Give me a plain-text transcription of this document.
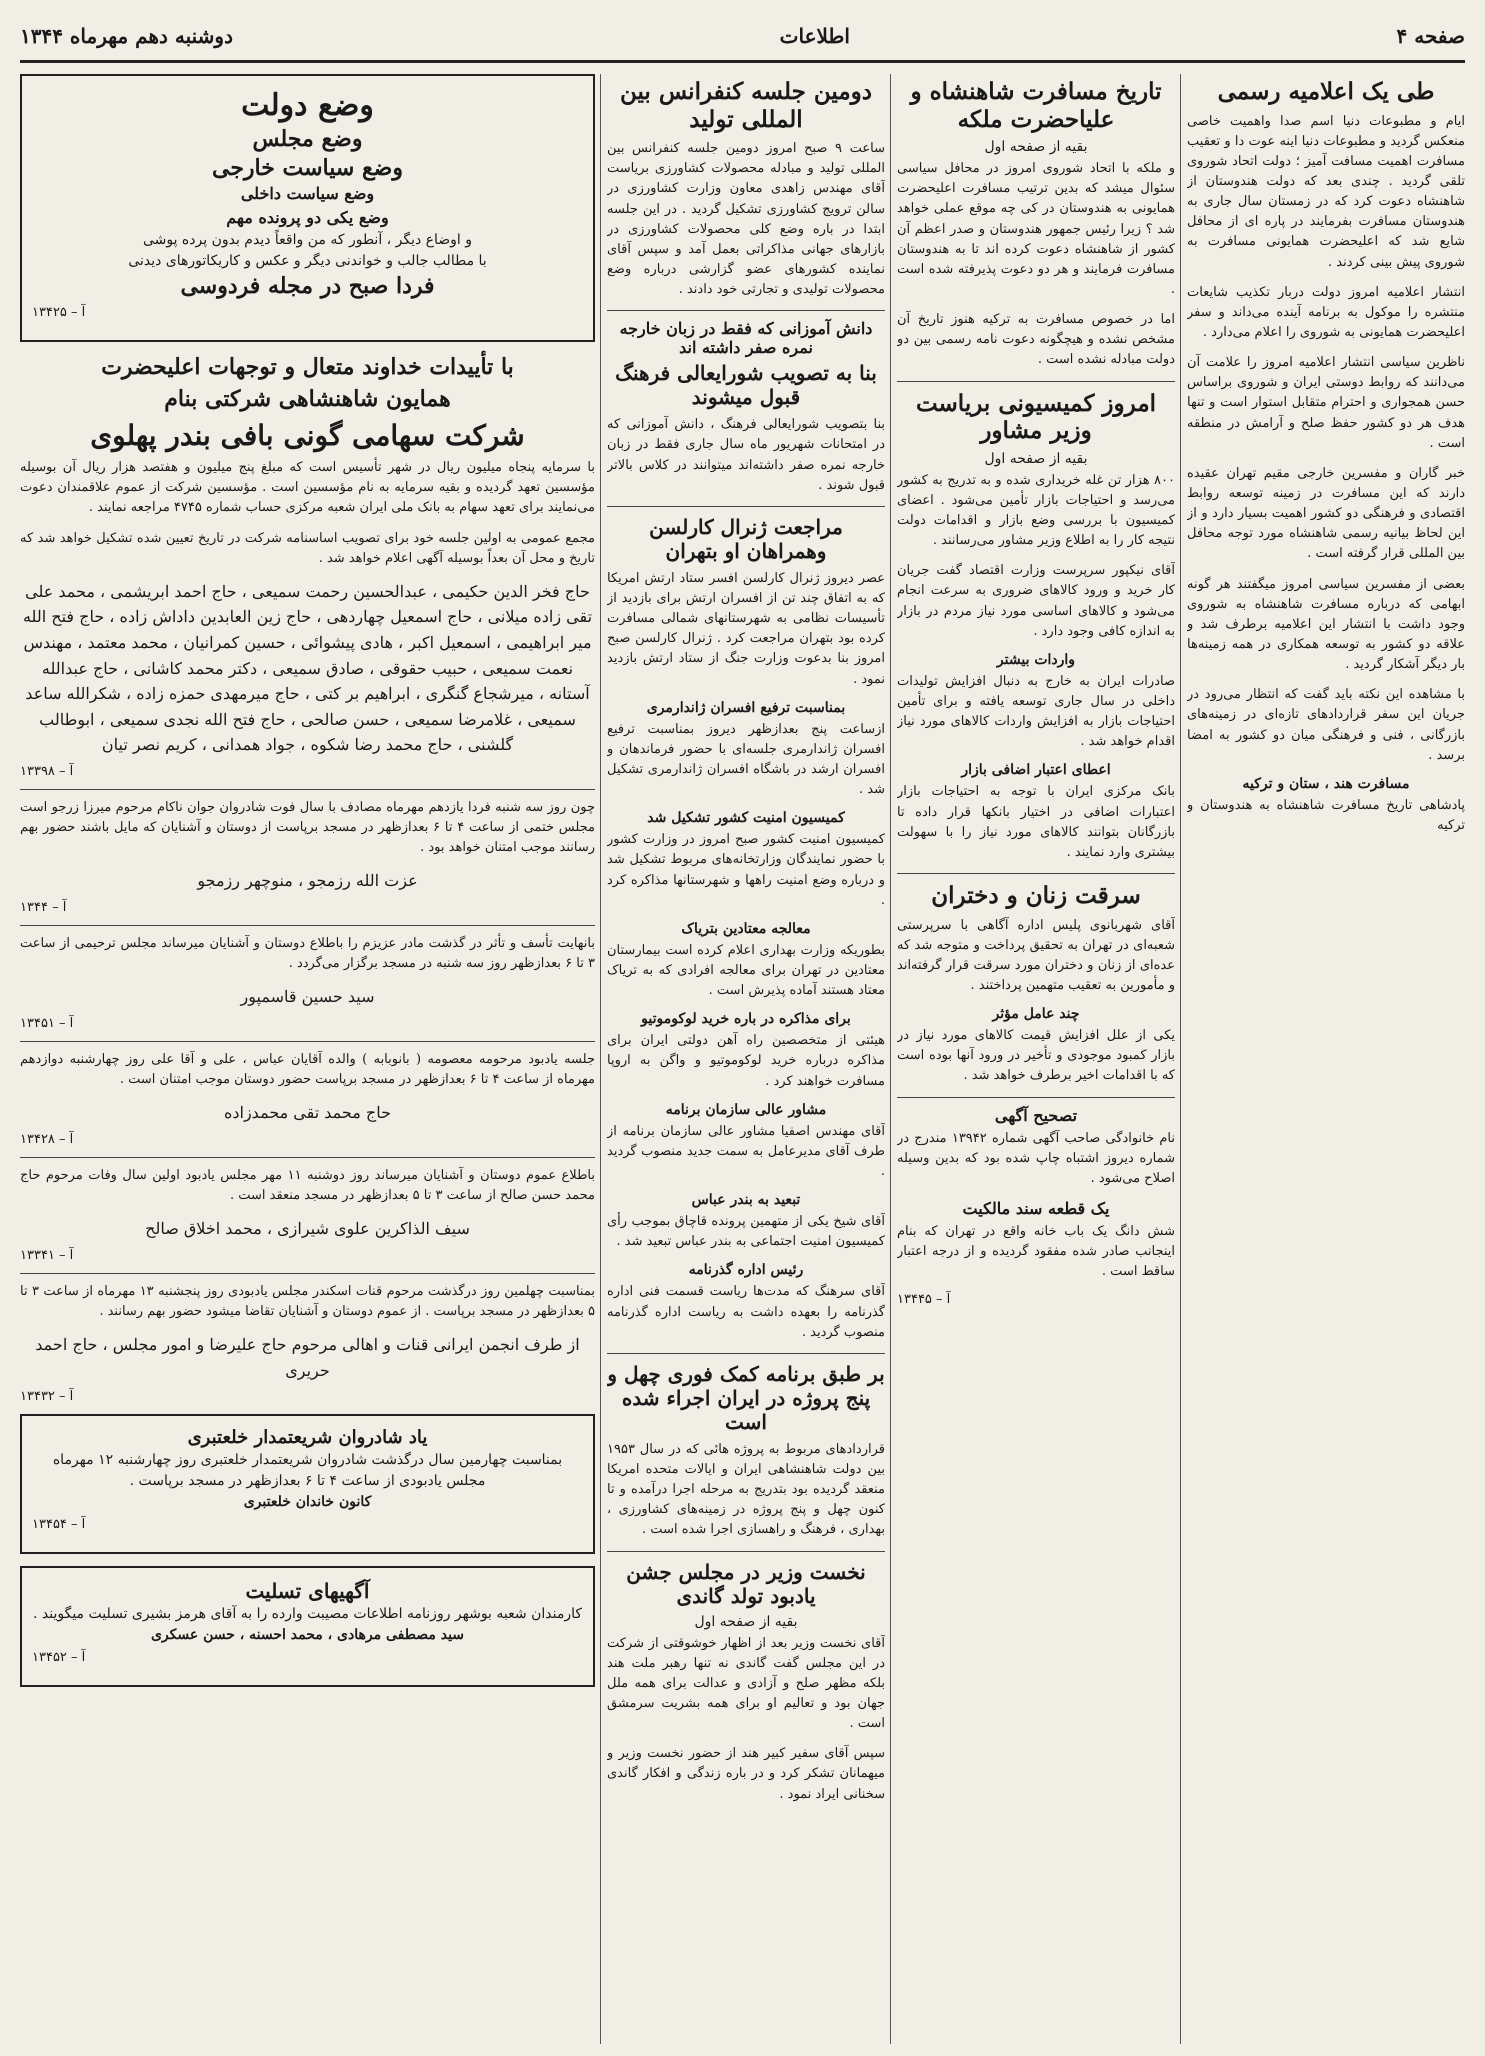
صفحه ۴
اطلاعات
دوشنبه دهم مهرماه ۱۳۴۴
طی یک اعلامیه رسمی

ایام و مطبوعات دنیا اسم صدا واهمیت خاصی منعکس گردید و مطبوعات دنیا اینه عوت دا و تعقیب مسافرت اهمیت مسافت آمیز ؛ دولت اتحاد شوروی تلقی گردید . چندی بعد که دولت هندوستان از شاهنشاه دعوت کرد که در زمستان سال جاری به هندوستان مسافرت بفرمایند در پاره ای از محافل شایع شد که اعلیحضرت همایونی مسافرت به شوروی پیش بینی کردند .

انتشار اعلامیه امروز دولت دربار تکذیب شایعات منتشره را موکول به برنامه آینده می‌داند و سفر اعلیحضرت همایونی به شوروی را اعلام می‌دارد .

ناظرین سیاسی انتشار اعلامیه امروز را علامت آن می‌دانند که روابط دوستی ایران و شوروی براساس حسن همجواری و احترام متقابل استوار است و تنها هدف هر دو کشور حفظ صلح و آرامش در منطقه است .

خبر گاران و مفسرین خارجی مقیم تهران عقیده دارند که این مسافرت در زمینه توسعه روابط اقتصادی و فرهنگی دو کشور اهمیت بسیار دارد و از این لحاظ بیانیه رسمی شاهنشاه مورد توجه محافل بین المللی قرار گرفته است .

بعضی از مفسرین سیاسی امروز میگفتند هر گونه ابهامی که درباره مسافرت شاهنشاه به شوروی وجود داشت با انتشار این اعلامیه برطرف شد و علاقه دو کشور به توسعه همکاری در همه زمینه‌ها بار دیگر آشکار گردید .

با مشاهده این نکته باید گفت که انتظار می‌رود در جریان این سفر قراردادهای تازه‌ای در زمینه‌های بازرگانی ، فنی و فرهنگی میان دو کشور به امضا برسد .

مسافرت هند ، ستان و ترکیه

پادشاهی تاریخ مسافرت شاهنشاه به هندوستان و ترکیه

تاریخ مسافرت شاهنشاه و علیاحضرت ملکه
بقیه از صفحه اول

و ملکه با اتحاد شوروی امروز در محافل سیاسی سئوال میشد که بدین ترتیب مسافرت اعلیحضرت همایونی به هندوستان در کی چه موقع عملی خواهد شد ؟ زیرا رئیس جمهور هندوستان و صدر اعظم آن کشور از شاهنشاه دعوت کرده اند تا به هندوستان مسافرت فرمایند و هر دو دعوت پذیرفته شده است .

اما در خصوص مسافرت به ترکیه هنوز تاریخ آن مشخص نشده و هیچگونه دعوت نامه رسمی بین دو دولت مبادله نشده است .

امروز کمیسیونی بریاست وزیر مشاور
بقیه از صفحه اول

۸۰۰ هزار تن غله خریداری شده و به تدریج به کشور می‌رسد و احتیاجات بازار تأمین می‌شود . اعضای کمیسیون با بررسی وضع بازار و اقدامات دولت نتیجه کار را به اطلاع وزیر مشاور می‌رسانند .

آقای نیکپور سرپرست وزارت اقتصاد گفت جریان کار خرید و ورود کالاهای ضروری به سرعت انجام می‌شود و کالاهای اساسی مورد نیاز مردم در بازار به اندازه کافی وجود دارد .

واردات بیشتر

صادرات ایران به خارج به دنبال افزایش تولیدات داخلی در سال جاری توسعه یافته و برای تأمین احتیاجات بازار به افزایش واردات کالاهای مورد نیاز اقدام خواهد شد .

اعطای اعتبار اضافی بازار

بانک مرکزی ایران با توجه به احتیاجات بازار اعتبارات اضافی در اختیار بانکها قرار داده تا بازرگانان بتوانند کالاهای مورد نیاز را با سهولت بیشتری وارد نمایند .

سرقت زنان و دختران

آقای شهربانوی پلیس اداره آگاهی با سرپرستی شعبه‌ای در تهران به تحقیق پرداخت و متوجه شد که عده‌ای از زنان و دختران مورد سرقت قرار گرفته‌اند و مأمورین به تعقیب متهمین پرداختند .

چند عامل مؤثر

یکی از علل افزایش قیمت کالاهای مورد نیاز در بازار کمبود موجودی و تأخیر در ورود آنها بوده است که با اقدامات اخیر برطرف خواهد شد .

تصحیح آگهی

نام خانوادگی صاحب آگهی شماره ۱۳۹۴۲ مندرج در شماره دیروز اشتباه چاپ شده بود که بدین وسیله اصلاح می‌شود .

یک قطعه سند مالکیت

شش دانگ یک باب خانه واقع در تهران که بنام اینجانب صادر شده مفقود گردیده و از درجه اعتبار ساقط است .

آ – ۱۳۴۴۵
دومین جلسه کنفرانس بین المللی تولید

ساعت ۹ صبح امروز دومین جلسه کنفرانس بین المللی تولید و مبادله محصولات کشاورزی بریاست آقای مهندس زاهدی معاون وزارت کشاورزی در سالن ترویج کشاورزی تشکیل گردید . در این جلسه ابتدا در باره وضع کلی محصولات کشاورزی در بازارهای جهانی مذاکراتی بعمل آمد و سپس آقای نماینده کشورهای عضو گزارشی درباره وضع محصولات تولیدی و تجارتی خود دادند .

دانش آموزانی که فقط در زبان خارجه نمره صفر داشته اند
بنا به تصویب شورایعالی فرهنگ قبول میشوند

بنا بتصویب شورایعالی فرهنگ ، دانش آموزانی که در امتحانات شهریور ماه سال جاری فقط در زبان خارجه نمره صفر داشته‌اند میتوانند در کلاس بالاتر قبول شوند .

مراجعت ژنرال کارلسن وهمراهان او بتهران

عصر دیروز ژنرال کارلسن افسر ستاد ارتش امریکا که به اتفاق چند تن از افسران ارتش برای بازدید از تأسیسات نظامی به شهرستانهای شمالی مسافرت کرده بود بتهران مراجعت کرد . ژنرال کارلسن صبح امروز بنا بدعوت وزارت جنگ از ستاد ارتش بازدید نمود .

بمناسبت ترفیع افسران ژاندارمری

ازساعت پنج بعدازظهر دیروز بمناسبت ترفیع افسران ژاندارمری جلسه‌ای با حضور فرماندهان و افسران ارشد در باشگاه افسران ژاندارمری تشکیل شد .

کمیسیون امنیت کشور تشکیل شد

کمیسیون امنیت کشور صبح امروز در وزارت کشور با حضور نمایندگان وزارتخانه‌های مربوط تشکیل شد و درباره وضع امنیت راهها و شهرستانها مذاکره کرد .

معالجه معتادین بتریاک

بطوریکه وزارت بهداری اعلام کرده است بیمارستان معتادین در تهران برای معالجه افرادی که به تریاک معتاد هستند آماده پذیرش است .

برای مذاکره در باره خرید لوکوموتیو

هیئتی از متخصصین راه آهن دولتی ایران برای مذاکره درباره خرید لوکوموتیو و واگن به اروپا مسافرت خواهند کرد .

مشاور عالی سازمان برنامه

آقای مهندس اصفیا مشاور عالی سازمان برنامه از طرف آقای مدیرعامل به سمت جدید منصوب گردید .

تبعید به بندر عباس

آقای شیخ یکی از متهمین پرونده قاچاق بموجب رأی کمیسیون امنیت اجتماعی به بندر عباس تبعید شد .

رئیس اداره گذرنامه

آقای سرهنگ که مدت‌ها ریاست قسمت فنی اداره گذرنامه را بعهده داشت به ریاست اداره گذرنامه منصوب گردید .

بر طبق برنامه کمک فوری چهل و پنج پروژه در ایران اجراء شده است

قراردادهای مربوط به پروژه هائی که در سال ۱۹۵۳ بین دولت شاهنشاهی ایران و ایالات متحده امریکا منعقد گردیده بود بتدریج به مرحله اجرا درآمده و تا کنون چهل و پنج پروژه در زمینه‌های کشاورزی ، بهداری ، فرهنگ و راهسازی اجرا شده است .

نخست وزیر در مجلس جشن یادبود تولد گاندی
بقیه از صفحه اول

آقای نخست وزیر بعد از اظهار خوشوقتی از شرکت در این مجلس گفت گاندی نه تنها رهبر ملت هند بلکه مظهر صلح و آزادی و عدالت برای همه ملل جهان بود و تعالیم او برای همه بشریت سرمشق است .

سپس آقای سفیر کبیر هند از حضور نخست وزیر و میهمانان تشکر کرد و در باره زندگی و افکار گاندی سخنانی ایراد نمود .

وضع دولت
وضع مجلس
وضع سیاست خارجی
وضع سیاست داخلی
وضع یکی دو پرونده مهم
و اوضاع دیگر ، آنطور که من واقعاً دیدم بدون پرده پوشی
با مطالب جالب و خواندنی دیگر و عکس و کاریکاتورهای دیدنی
فردا صبح در مجله فردوسی
آ – ۱۳۴۲۵
با تأییدات خداوند متعال و توجهات اعلیحضرت
همایون شاهنشاهی شرکتی بنام
شرکت سهامی گونی بافی بندر پهلوی

با سرمایه پنجاه میلیون ریال در شهر تأسیس است که مبلغ پنج میلیون و هفتصد هزار ریال آن بوسیله مؤسسین تعهد گردیده و بقیه سرمایه به نام مؤسسین است . مؤسسین شرکت از عموم علاقمندان دعوت می‌نمایند برای تعهد سهام به بانک ملی ایران شعبه مرکزی حساب شماره ۴۷۴۵ مراجعه نمایند .

مجمع عمومی به اولین جلسه خود برای تصویب اساسنامه شرکت در تاریخ تعیین شده تشکیل خواهد شد که تاریخ و محل آن بعداً بوسیله آگهی اعلام خواهد شد .

حاج فخر الدین حکیمی ، عبدالحسین رحمت سمیعی ، حاج احمد ابریشمی ، محمد علی تقی زاده میلانی ، حاج اسمعیل چهاردهی ، حاج زین العابدین داداش زاده ، حاج فتح الله میر ابراهیمی ، اسمعیل اکبر ، هادی پیشوائی ، حسین کمرانیان ، محمد معتمد ، مهندس نعمت سمیعی ، حبیب حقوقی ، صادق سمیعی ، دکتر محمد کاشانی ، حاج عبدالله آستانه ، میرشجاع گنگری ، ابراهیم بر کتی ، حاج میرمهدی حمزه زاده ، شکرالله ساعد سمیعی ، غلامرضا سمیعی ، حسن صالحی ، حاج فتح الله نجدی سمیعی ، ابوطالب گلشنی ، حاج محمد رضا شکوه ، جواد همدانی ، کریم نصر تیان
آ – ۱۳۳۹۸

چون روز سه شنبه فردا یازدهم مهرماه مصادف با سال فوت شادروان جوان ناکام مرحوم میرزا زرجو است مجلس ختمی از ساعت ۴ تا ۶ بعدازظهر در مسجد برپاست از دوستان و آشنایان که مایل باشند حضور بهم رسانند موجب امتنان خواهد بود .

عزت الله رزمجو ، منوچهر رزمجو
آ – ۱۳۴۴

بانهایت تأسف و تأثر در گذشت مادر عزیزم را باطلاع دوستان و آشنایان میرساند مجلس ترحیمی از ساعت ۳ تا ۶ بعدازظهر روز سه شنبه در مسجد برگزار می‌گردد .

سید حسین قاسمپور
آ – ۱۳۴۵۱

جلسه یادبود مرحومه معصومه ( بانوبابه ) والده آقایان عباس ، علی و آقا علی روز چهارشنبه دوازدهم مهرماه از ساعت ۴ تا ۶ بعدازظهر در مسجد برپاست حضور دوستان موجب امتنان است .

حاج محمد تقی محمدزاده
آ – ۱۳۴۲۸

باطلاع عموم دوستان و آشنایان میرساند روز دوشنبه ۱۱ مهر مجلس یادبود اولین سال وفات مرحوم حاج محمد حسن صالح از ساعت ۳ تا ۵ بعدازظهر در مسجد منعقد است .

سیف الذاکرین علوی شیرازی ، محمد اخلاق صالح
آ – ۱۳۳۴۱

بمناسبت چهلمین روز درگذشت مرحوم قنات اسکندر مجلس یادبودی روز پنجشنبه ۱۳ مهرماه از ساعت ۳ تا ۵ بعدازظهر در مسجد برپاست . از عموم دوستان و آشنایان تقاضا میشود حضور بهم رسانند .

از طرف انجمن ایرانی قنات و اهالی مرحوم حاج علیرضا و امور مجلس ، حاج احمد حریری
آ – ۱۳۴۳۲
یاد شادروان شریعتمدار خلعتبری
بمناسبت چهارمین سال درگذشت شادروان شریعتمدار خلعتبری روز چهارشنبه ۱۲ مهرماه مجلس یادبودی از ساعت ۴ تا ۶ بعدازظهر در مسجد برپاست .
کانون خاندان خلعتبری
آ – ۱۳۴۵۴
آگهیهای تسلیت
کارمندان شعبه بوشهر روزنامه اطلاعات مصیبت وارده را به آقای هرمز بشیری تسلیت میگویند .
سید مصطفی مرهادی ، محمد احسنه ، حسن عسکری
آ – ۱۳۴۵۲
